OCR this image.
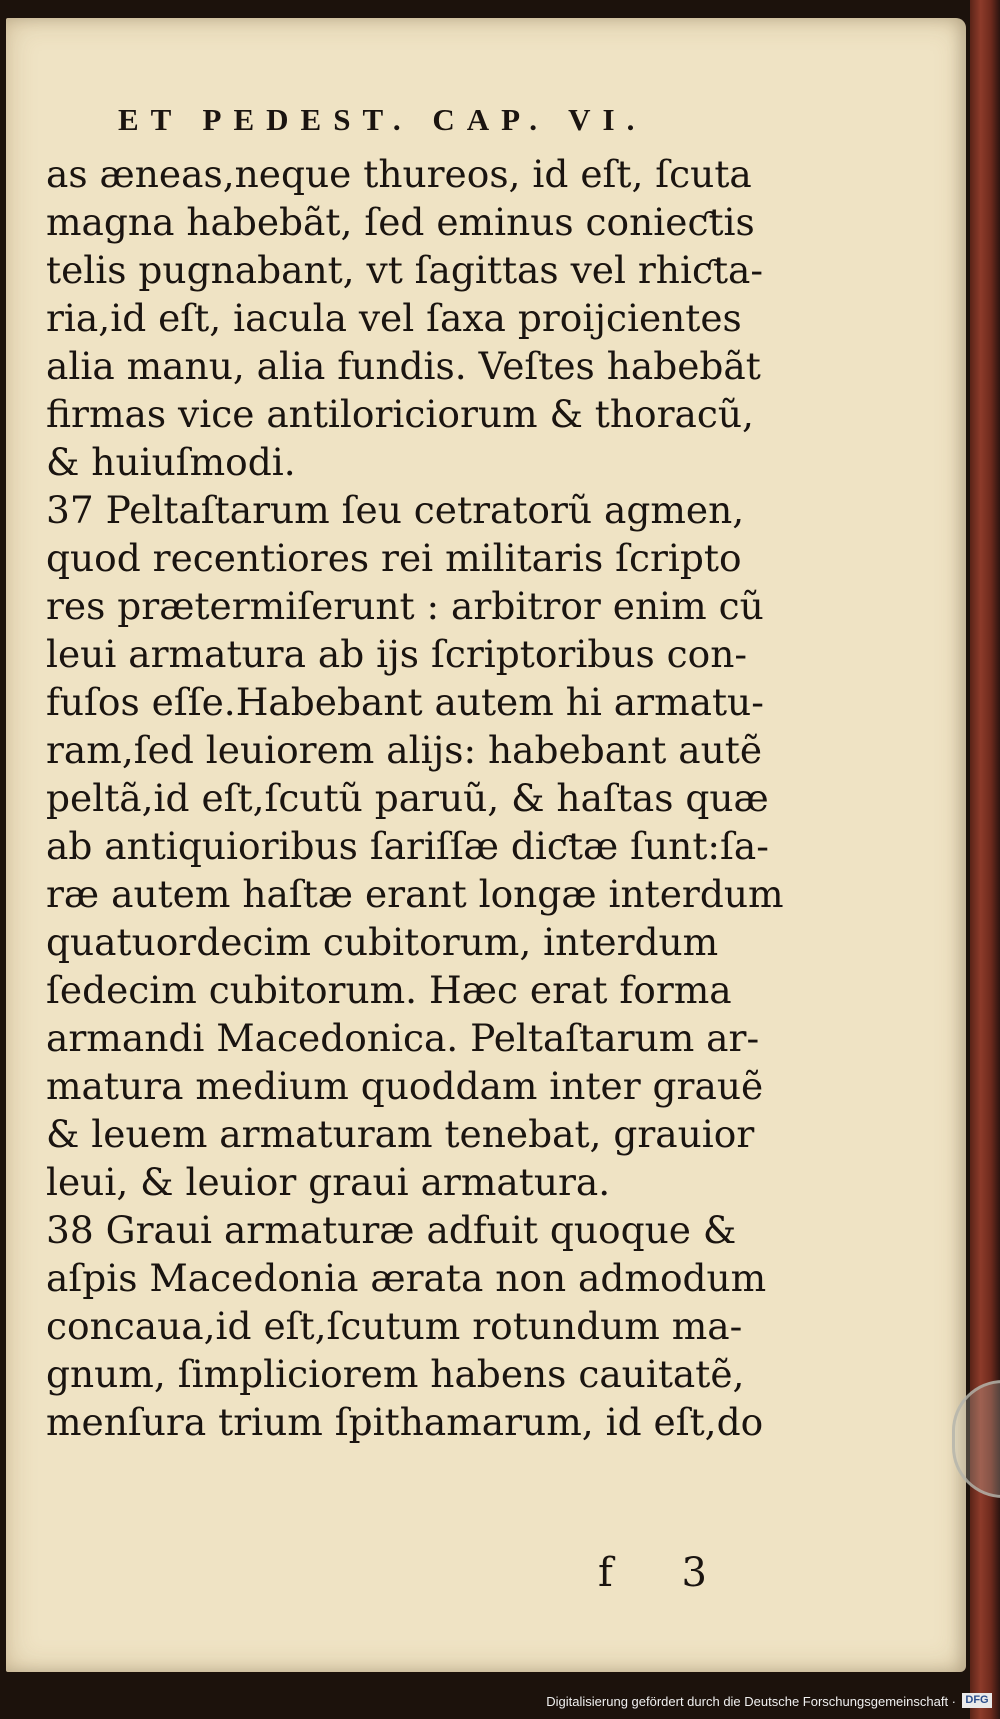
ET PEDEST. CAP. VI.
as æneas,neque thureos, id eſt, ſcuta
magna habebãt, ſed eminus conieƈtis
telis pugnabant, vt ſagittas vel rhiƈta-
ria,id eſt, iacula vel ſaxa proijcientes
alia manu, alia fundis. Veſtes habebãt
firmas vice antiloriciorum & thoracũ,
& huiuſmodi.
37 Peltaſtarum ſeu cetratorũ agmen,
quod recentiores rei militaris ſcripto
res prætermiſerunt : arbitror enim cũ
leui armatura ab ijs ſcriptoribus con-
fuſos eſſe.Habebant autem hi armatu-
ram,ſed leuiorem alijs: habebant autẽ
peltã,id eſt,ſcutũ paruũ, & haſtas quæ
ab antiquioribus ſariſſæ diƈtæ ſunt:ſa-
ræ autem haſtæ erant longæ interdum
quatuordecim cubitorum, interdum
ſedecim cubitorum. Hæc erat forma
armandi Macedonica. Peltaſtarum ar-
matura medium quoddam inter grauẽ
& leuem armaturam tenebat, grauior
leui, & leuior graui armatura.
38 Graui armaturæ adfuit quoque &
aſpis Macedonia ærata non admodum
concaua,id eſt,ſcutum rotundum ma-
gnum, ſimpliciorem habens cauitatẽ,
menſura trium ſpithamarum, id eſt,do
f 3
Digitalisierung gefördert durch die Deutsche Forschungsgemeinschaft · DFG
